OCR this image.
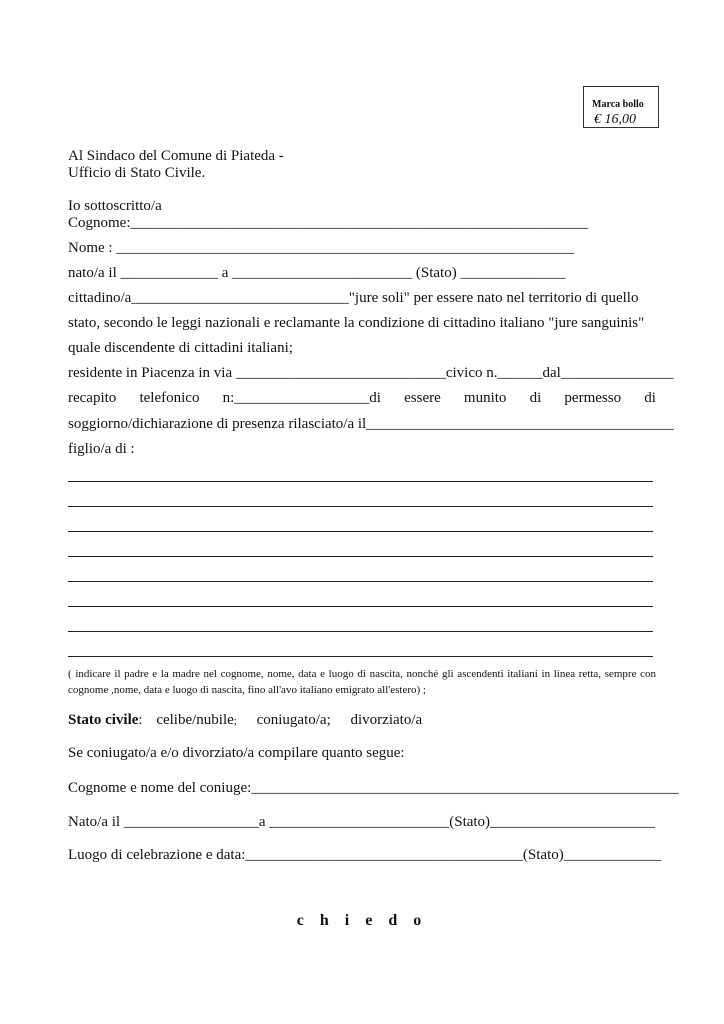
Marca bollo
€ 16,00
Al Sindaco del Comune di Piateda -
Ufficio di Stato Civile.
Io sottoscritto/a
Cognome:_____________________________________________________________
Nome : _____________________________________________________________
nato/a il _____________ a ________________________ (Stato) ______________
cittadino/a_____________________________"jure soli" per essere nato nel territorio di quello
stato, secondo le leggi nazionali e reclamante la condizione di cittadino italiano "jure sanguinis"
quale discendente di cittadini italiani;
residente in Piacenza in via ____________________________civico n.______dal_______________
recapito telefonico n:__________________di essere munito di permesso di
soggiorno/dichiarazione di presenza rilasciato/a il_________________________________________
figlio/a di :
( indicare il padre e la madre nel cognome, nome, data e luogo di nascita, nonché gli ascendenti italiani in linea retta, sempre con cognome ,nome, data e luogo di nascita, fino all'avo italiano emigrato all'estero) ;
Stato civile: celibe/nubile; coniugato/a; divorziato/a
Se coniugato/a e/o divorziato/a compilare quanto segue:
Cognome e nome del coniuge:_________________________________________________________
Nato/a il __________________a ________________________(Stato)______________________
Luogo di celebrazione e data:_____________________________________(Stato)_____________
c h i e d o
